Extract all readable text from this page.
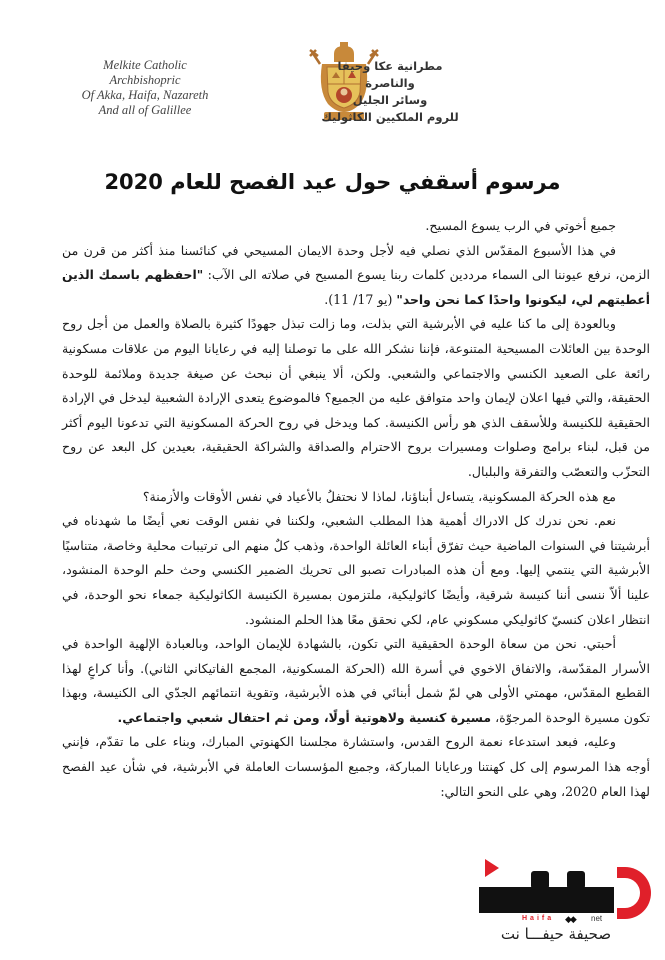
Melkite Catholic Archbishopric
Of Akka, Haifa, Nazareth
And all of Galillee
مطرانية عكا وحيفا والناصرة
وسائر الجليل
للروم الملكيين الكاثوليك
مرسوم أسقفي حول عيد الفصح للعام 2020

جميع أخوتي في الرب يسوع المسيح.

في هذا الأسبوع المقدّس الذي نصلي فيه لأجل وحدة الايمان المسيحي في كنائسنا منذ أكثر من قرن من الزمن، نرفع عيوننا الى السماء مرددين كلمات ربنا يسوع المسيح في صلاته الى الآب: "احفظهم باسمك الذين أعطيتهم لي، ليكونوا واحدًا كما نحن واحد" (يو 17/ 11).

وبالعودة إلى ما كنا عليه في الأبرشية التي بذلت، وما زالت تبذل جهودًا كثيرة بالصلاة والعمل من أجل روح الوحدة بين العائلات المسيحية المتنوعة، فإننا نشكر الله على ما توصلنا إليه في رعايانا اليوم من علاقات مسكونية رائعة على الصعيد الكنسي والاجتماعي والشعبي. ولكن، ألا ينبغي أن نبحث عن صيغة جديدة وملائمة للوحدة الحقيقة، والتي فيها اعلان لإيمان واحد متوافق عليه من الجميع؟ فالموضوع يتعدى الإرادة الشعبية ليدخل في الإرادة الحقيقية للكنيسة وللأسقف الذي هو رأس الكنيسة. كما ويدخل في روح الحركة المسكونية التي تدعونا اليوم أكثر من قبل، لبناء برامج وصلوات ومسيرات بروح الاحترام والصداقة والشراكة الحقيقية، بعيدين كل البعد عن روح التحزّب والتعصّب والتفرقة والبلبال.

مع هذه الحركة المسكونية، يتساءل أبناؤنا، لماذا لا نحتفلُ بالأعياد في نفس الأوقات والأزمنة؟

نعم. نحن ندرك كل الادراك أهمية هذا المطلب الشعبي، ولكننا في نفس الوقت نعي أيضًا ما شهدناه في أبرشيتنا في السنوات الماضية حيث تفرّق أبناء العائلة الواحدة، وذهب كلٌ منهم الى ترتيبات محلية وخاصة، متناسيًا الأبرشية التي ينتمي إليها. ومع أن هذه المبادرات تصبو الى تحريك الضمير الكنسي وحث حلم الوحدة المنشود، علينا ألاّ ننسى أننا كنيسة شرقية، وأيضًا كاثوليكية، ملتزمون بمسيرة الكنيسة الكاثوليكية جمعاء نحو الوحدة، في انتظار اعلان كنسيّ كاثوليكي مسكوني عام، لكي نحقق معًا هذا الحلم المنشود.

أحبتي. نحن من سعاة الوحدة الحقيقية التي تكون، بالشهادة للإيمان الواحد، وبالعبادة الإلهية الواحدة في الأسرار المقدّسة، والاتفاق الاخوي في أسرة الله (الحركة المسكونية، المجمع الفاتيكاني الثاني). وأنا كراعٍ لهذا القطيع المقدّس، مهمتي الأولى هي لمّ شمل أبنائي في هذه الأبرشية، وتقوية انتمائهم الجدّي الى الكنيسة، وبهذا تكون مسيرة الوحدة المرجوّة، مسيرة كنسية ولاهوتية أولًا، ومن ثم احتفال شعبي واجتماعي.

وعليه، فبعد استدعاء نعمة الروح القدس، واستشارة مجلسنا الكهنوتي المبارك، وبناء على ما تقدّم، فإنني أوجه هذا المرسوم إلى كل كهنتنا ورعايانا المباركة، وجميع المؤسسات العاملة في الأبرشية، في شأن عيد الفصح لهذا العام 2020، وهي على النحو التالي:

Haifa ◆◆ net
صحيفة حيفـــا نت
